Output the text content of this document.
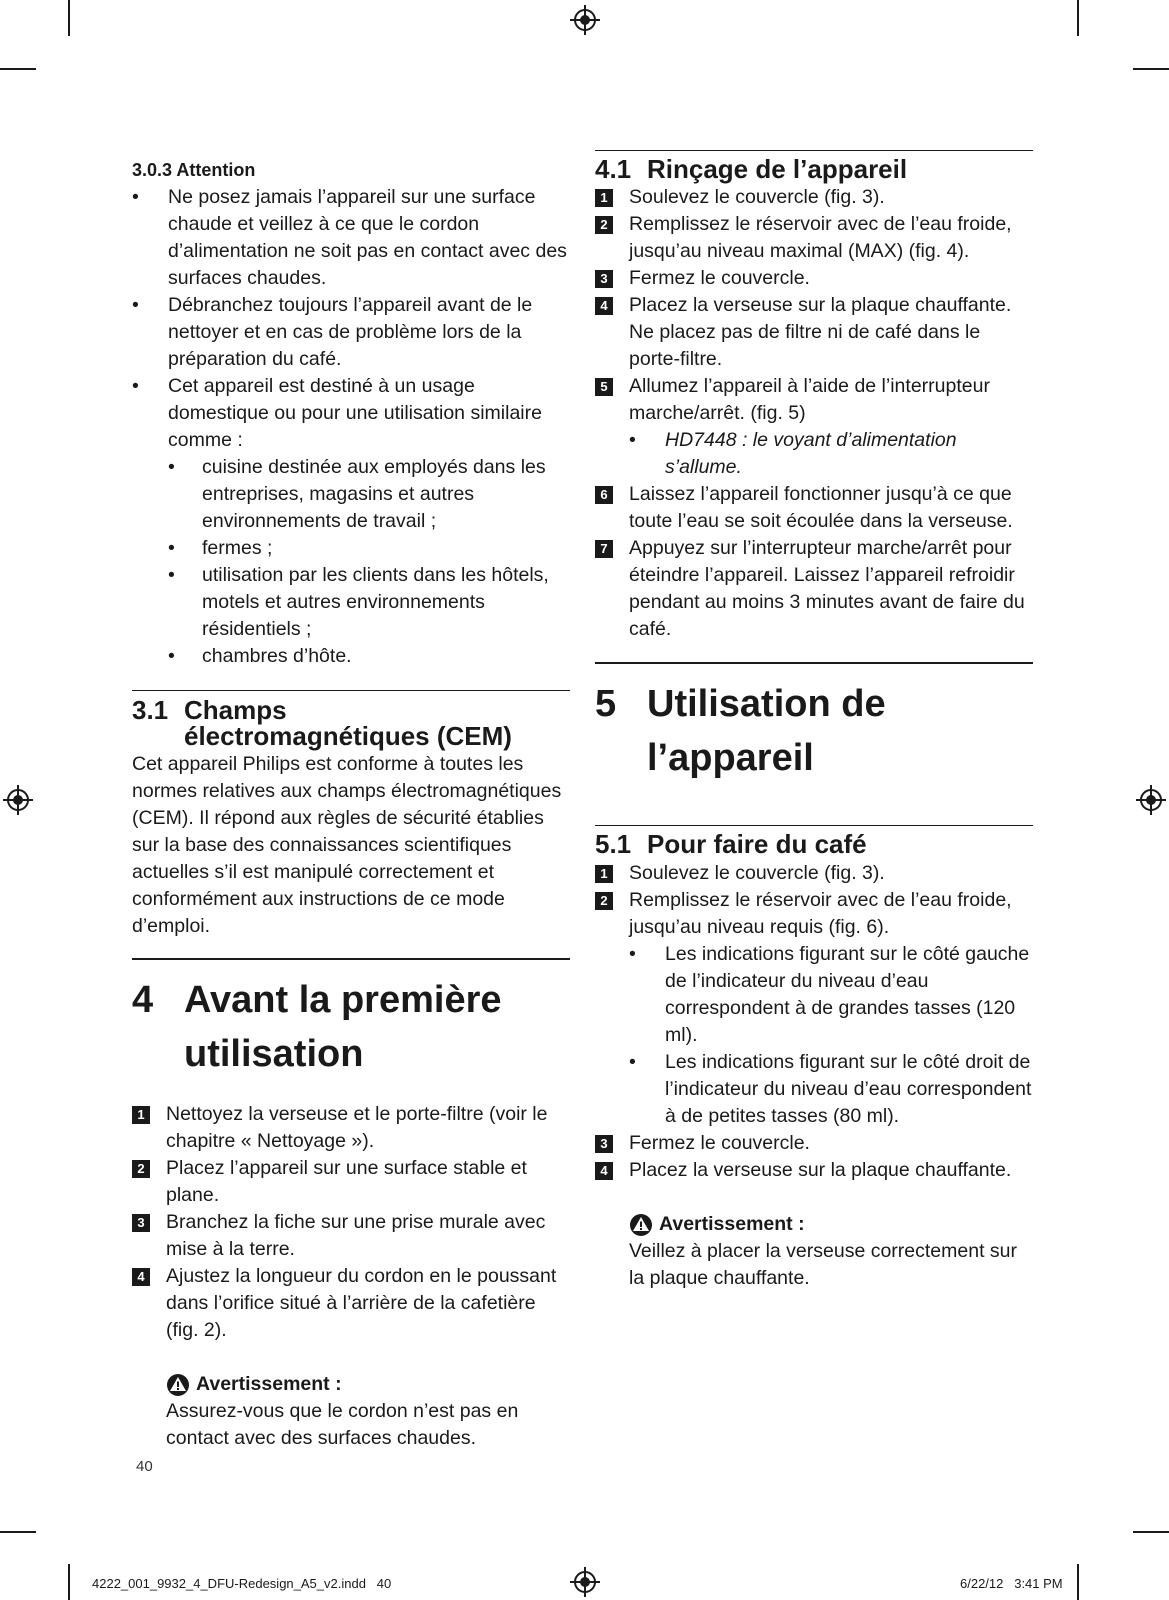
3.0.3 Attention

• Ne posez jamais l’appareil sur une surface chaude et veillez à ce que le cordon d’alimentation ne soit pas en contact avec des surfaces chaudes.
• Débranchez toujours l’appareil avant de le nettoyer et en cas de problème lors de la préparation du café.
• Cet appareil est destiné à un usage domestique ou pour une utilisation similaire comme :
• cuisine destinée aux employés dans les entreprises, magasins et autres environnements de travail ;
• fermes ;
• utilisation par les clients dans les hôtels, motels et autres environnements résidentiels ;
• chambres d’hôte.
3.1 Champs
électromagnétiques (CEM)

Cet appareil Philips est conforme à toutes les normes relatives aux champs électromagnétiques (CEM). Il répond aux règles de sécurité établies sur la base des connaissances scientifiques actuelles s’il est manipulé correctement et conformément aux instructions de ce mode d’emploi.

4 Avant la première
utilisation
1 Nettoyez la verseuse et le porte-filtre (voir le chapitre « Nettoyage »).
2 Placez l’appareil sur une surface stable et plane.
3 Branchez la fiche sur une prise murale avec mise à la terre.
4 Ajustez la longueur du cordon en le poussant dans l’orifice situé à l’arrière de la cafetière (fig. 2).
Avertissement :
Assurez-vous que le cordon n’est pas en contact avec des surfaces chaudes.
40
4.1 Rinçage de l’appareil
1 Soulevez le couvercle (fig. 3).
2 Remplissez le réservoir avec de l’eau froide, jusqu’au niveau maximal (MAX) (fig. 4).
3 Fermez le couvercle.
4 Placez la verseuse sur la plaque chauffante. Ne placez pas de filtre ni de café dans le porte-filtre.
5 Allumez l’appareil à l’aide de l’interrupteur marche/arrêt. (fig. 5)
• HD7448 : le voyant d’alimentation s’allume.
6 Laissez l’appareil fonctionner jusqu’à ce que toute l’eau se soit écoulée dans la verseuse.
7 Appuyez sur l’interrupteur marche/arrêt pour éteindre l’appareil. Laissez l’appareil refroidir pendant au moins 3 minutes avant de faire du café.
5 Utilisation de
l’appareil
5.1 Pour faire du café
1 Soulevez le couvercle (fig. 3).
2 Remplissez le réservoir avec de l’eau froide, jusqu’au niveau requis (fig. 6).
• Les indications figurant sur le côté gauche de l’indicateur du niveau d’eau correspondent à de grandes tasses (120 ml).
• Les indications figurant sur le côté droit de l’indicateur du niveau d’eau correspondent à de petites tasses (80 ml).
3 Fermez le couvercle.
4 Placez la verseuse sur la plaque chauffante.
Avertissement :
Veillez à placer la verseuse correctement sur la plaque chauffante.
4222_001_9932_4_DFU-Redesign_A5_v2.indd   40	6/22/12   3:41 PM
